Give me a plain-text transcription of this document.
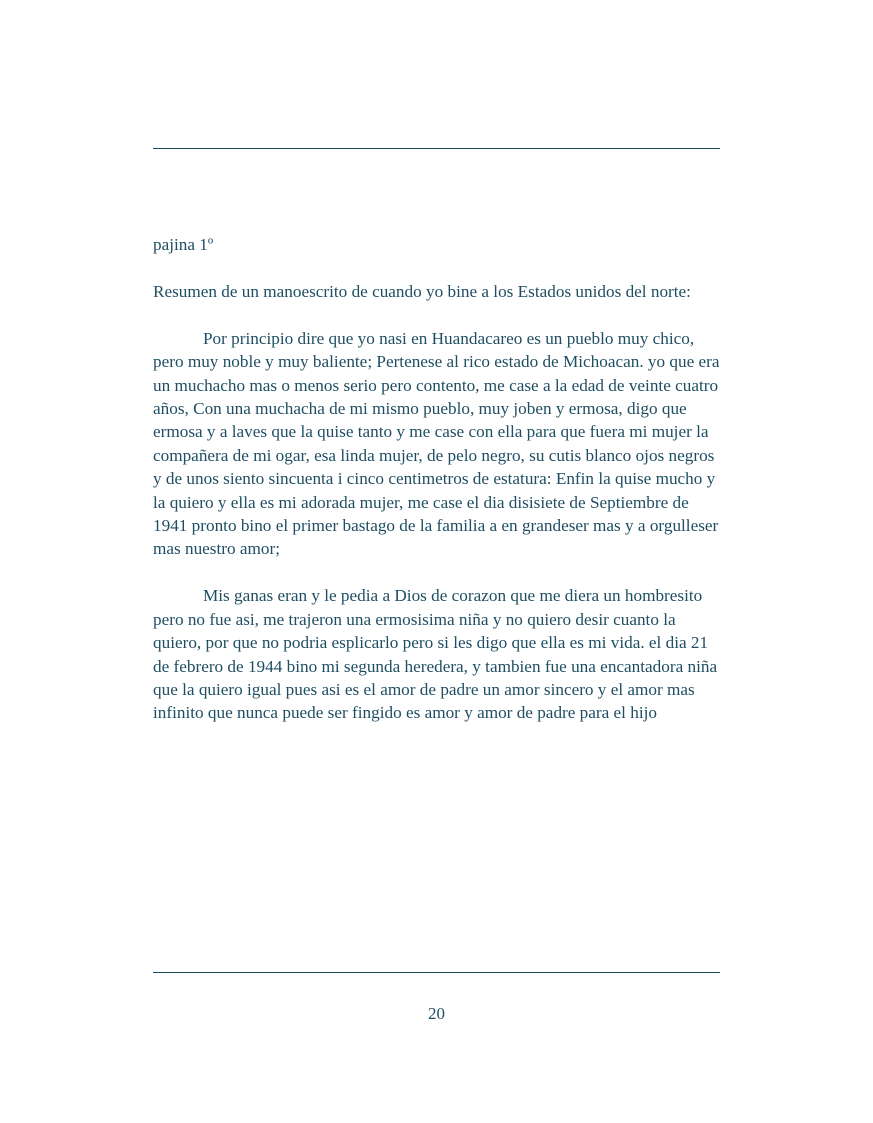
pajina 1º

Resumen de un manoescrito de cuando yo bine a los Estados unidos del norte:

Por principio dire que yo nasi en Huandacareo es un pueblo muy chico, pero muy noble y muy baliente; Pertenese al rico estado de Michoacan. yo que era un muchacho mas o menos serio pero contento, me case a la edad de veinte cuatro años, Con una muchacha de mi mismo pueblo, muy joben y ermosa, digo que ermosa y a laves que la quise tanto y me case con ella para que fuera mi mujer la compañera de mi ogar, esa linda mujer, de pelo negro, su cutis blanco ojos negros y de unos siento sincuenta i cinco centimetros de estatura: Enfin la quise mucho y la quiero y ella es mi adorada mujer, me case el dia disisiete de Septiembre de 1941 pronto bino el primer bastago de la familia a en grandeser mas y a orgulleser mas nuestro amor;

Mis ganas eran y le pedia a Dios de corazon que me diera un hombresito pero no fue asi, me trajeron una ermosisima niña y no quiero desir cuanto la quiero, por que no podria esplicarlo pero si les digo que ella es mi vida. el dia 21 de febrero de 1944 bino mi segunda heredera, y tambien fue una encantadora niña que la quiero igual pues asi es el amor de padre un amor sincero y el amor mas infinito que nunca puede ser fingido es amor y amor de padre para el hijo

20
